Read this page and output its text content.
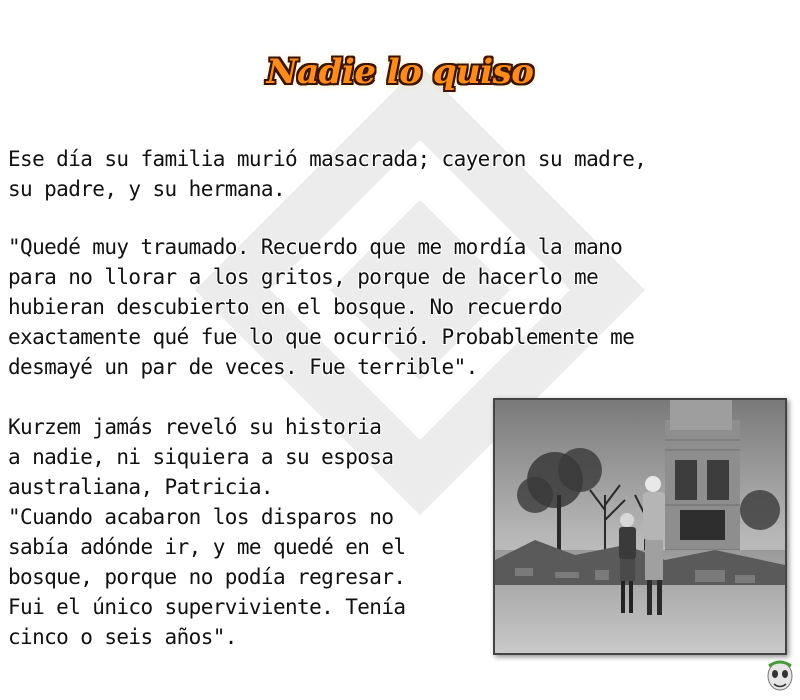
Nadie lo quiso
Ese día su familia murió masacrada; cayeron su madre,
su padre, y su hermana.
"Quedé muy traumado. Recuerdo que me mordía la mano
para no llorar a los gritos, porque de hacerlo me
hubieran descubierto en el bosque. No recuerdo
exactamente qué fue lo que ocurrió. Probablemente me
desmayé un par de veces. Fue terrible".
Kurzem jamás reveló su historia
a nadie, ni siquiera a su esposa
australiana, Patricia.
"Cuando acabaron los disparos no
sabía adónde ir, y me quedé en el
bosque, porque no podía regresar.
Fui el único superviviente. Tenía
cinco o seis años".
